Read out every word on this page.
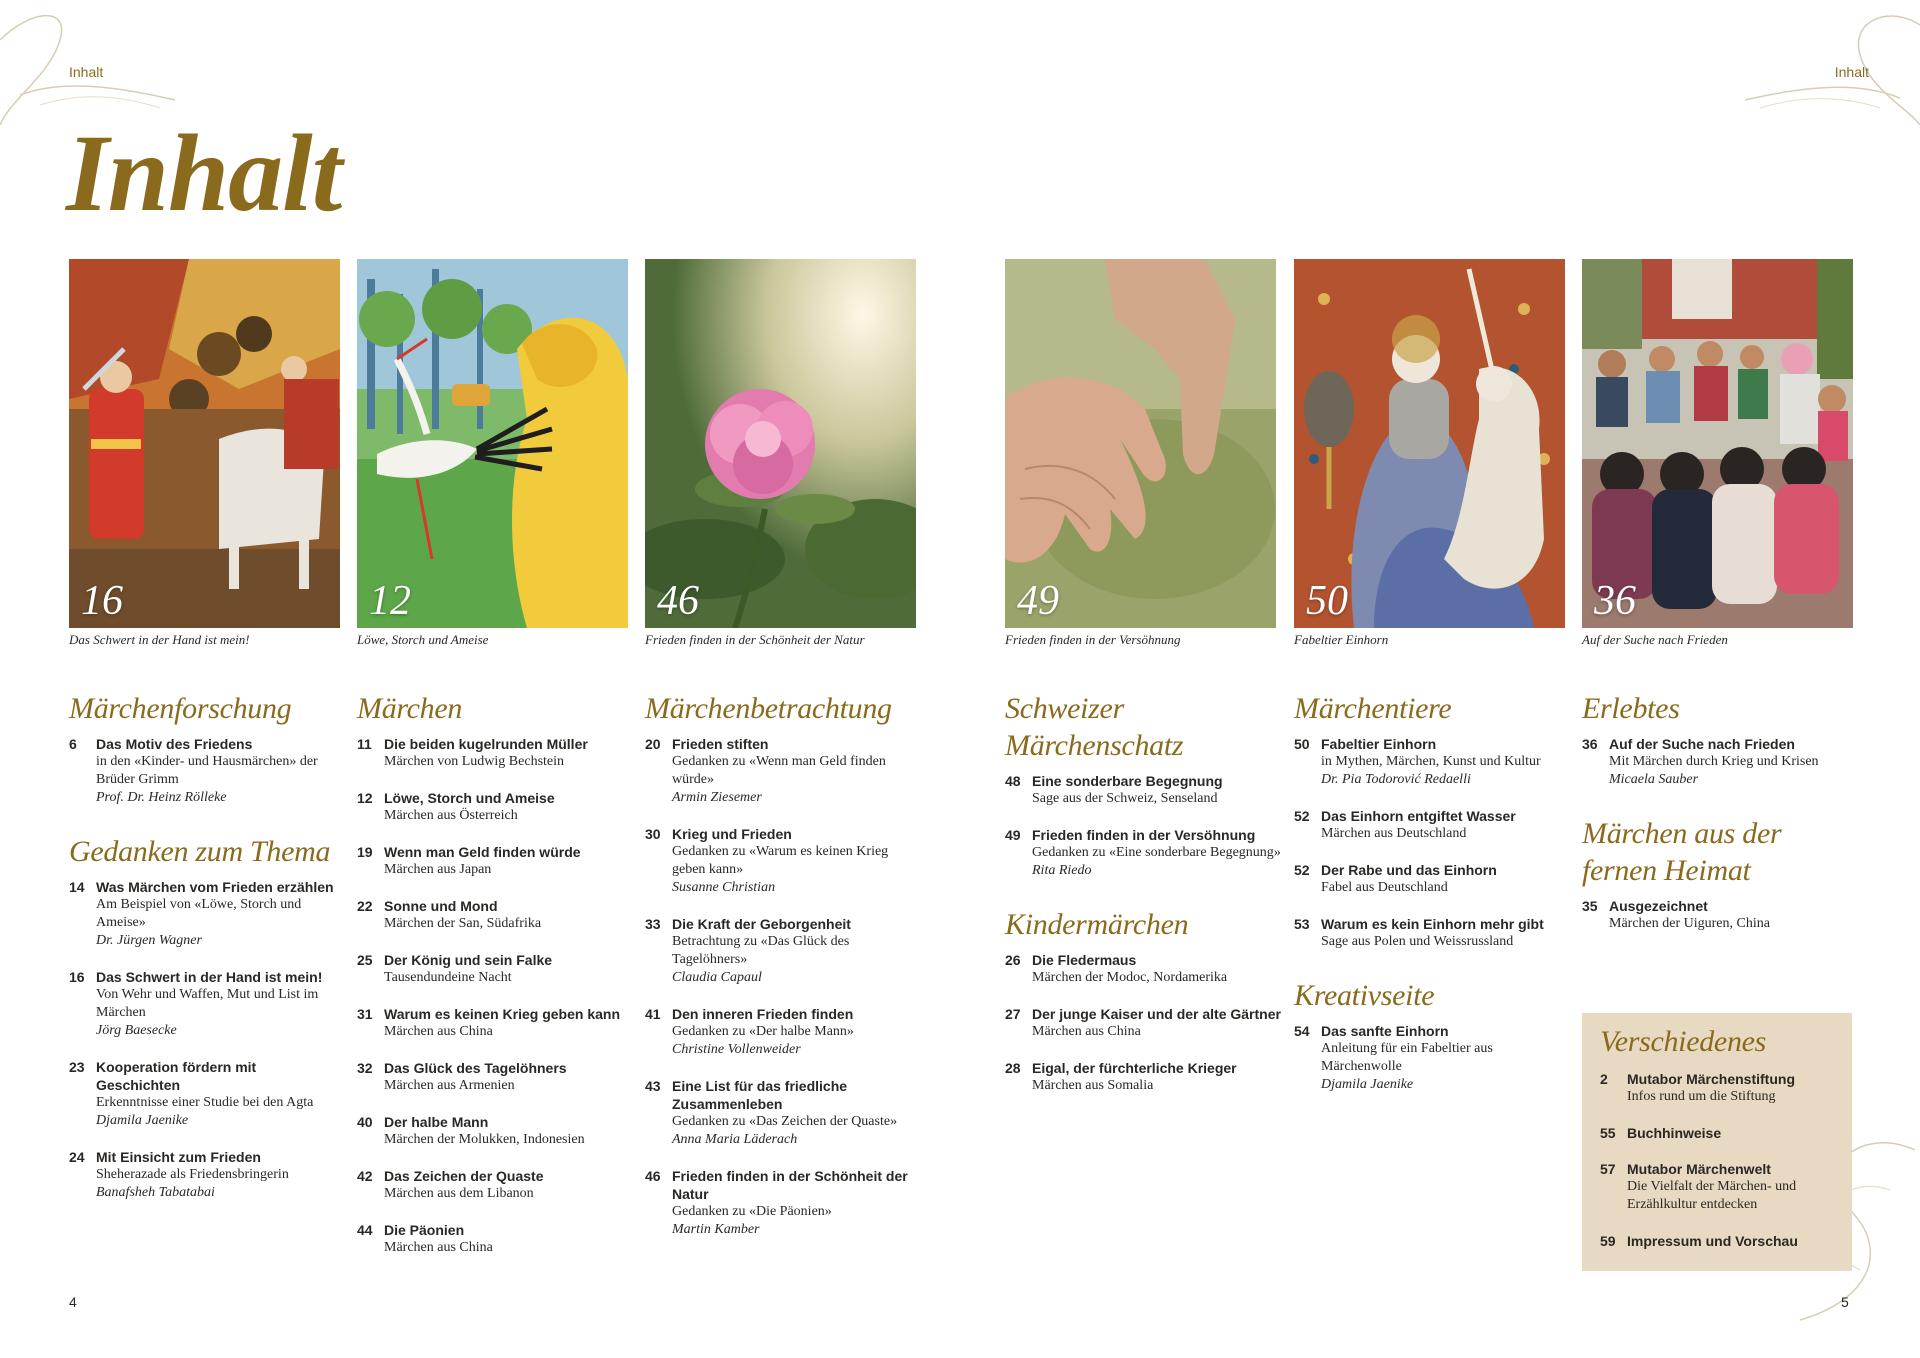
Inhalt	Inhalt
Inhalt
16
Das Schwert in der Hand ist mein!
12
Löwe, Storch und Ameise
46
Frieden finden in der Schönheit der Natur
49
Frieden finden in der Versöhnung
50
Fabeltier Einhorn
36
Auf der Suche nach Frieden
Märchenforschung
6	Das Motiv des Friedens
in den «Kinder- und Hausmärchen» der Brüder Grimm
Prof. Dr. Heinz Rölleke
Gedanken zum Thema
14 Was Märchen vom Frieden erzählen
Am Beispiel von «Löwe, Storch und Ameise»
Dr. Jürgen Wagner
16 Das Schwert in der Hand ist mein!
Von Wehr und Waffen, Mut und List im Märchen
Jörg Baesecke
23 Kooperation fördern mit Geschichten
Erkenntnisse einer Studie bei den Agta
Djamila Jaenike
24 Mit Einsicht zum Frieden
Sheherazade als Friedensbringerin
Banafsheh Tabatabai
Märchen
11 Die beiden kugelrunden Müller
Märchen von Ludwig Bechstein
12 Löwe, Storch und Ameise
Märchen aus Österreich
19 Wenn man Geld finden würde
Märchen aus Japan
22 Sonne und Mond
Märchen der San, Südafrika
25 Der König und sein Falke
Tausendundeine Nacht
31 Warum es keinen Krieg geben kann
Märchen aus China
32 Das Glück des Tagelöhners
Märchen aus Armenien
40 Der halbe Mann
Märchen der Molukken, Indonesien
42 Das Zeichen der Quaste
Märchen aus dem Libanon
44 Die Päonien
Märchen aus China
Märchenbetrachtung
20 Frieden stiften
Gedanken zu «Wenn man Geld finden würde»
Armin Ziesemer
30 Krieg und Frieden
Gedanken zu «Warum es keinen Krieg geben kann»
Susanne Christian
33 Die Kraft der Geborgenheit
Betrachtung zu «Das Glück des Tagelöhners»
Claudia Capaul
41 Den inneren Frieden finden
Gedanken zu «Der halbe Mann»
Christine Vollenweider
43 Eine List für das friedliche Zusammenleben
Gedanken zu «Das Zeichen der Quaste»
Anna Maria Läderach
46 Frieden finden in der Schönheit der Natur
Gedanken zu «Die Päonien»
Martin Kamber
Schweizer
Märchenschatz
48 Eine sonderbare Begegnung
Sage aus der Schweiz, Senseland
49 Frieden finden in der Versöhnung
Gedanken zu «Eine sonderbare Begegnung»
Rita Riedo
Kindermärchen
26 Die Fledermaus
Märchen der Modoc, Nordamerika
27 Der junge Kaiser und der alte Gärtner
Märchen aus China
28 Eigal, der fürchterliche Krieger
Märchen aus Somalia
Märchentiere
50 Fabeltier Einhorn
in Mythen, Märchen, Kunst und Kultur
Dr. Pia Todorović Redaelli
52 Das Einhorn entgiftet Wasser
Märchen aus Deutschland
52 Der Rabe und das Einhorn
Fabel aus Deutschland
53 Warum es kein Einhorn mehr gibt
Sage aus Polen und Weissrussland
Kreativseite
54 Das sanfte Einhorn
Anleitung für ein Fabeltier aus Märchenwolle
Djamila Jaenike
Erlebtes
36 Auf der Suche nach Frieden
Mit Märchen durch Krieg und Krisen
Micaela Sauber
Märchen aus der
fernen Heimat
35 Ausgezeichnet
Märchen der Uiguren, China
Verschiedenes
2	Mutabor Märchenstiftung
Infos rund um die Stiftung
55 Buchhinweise
57 Mutabor Märchenwelt
Die Vielfalt der Märchen- und Erzählkultur entdecken
59 Impressum und Vorschau
4	5
